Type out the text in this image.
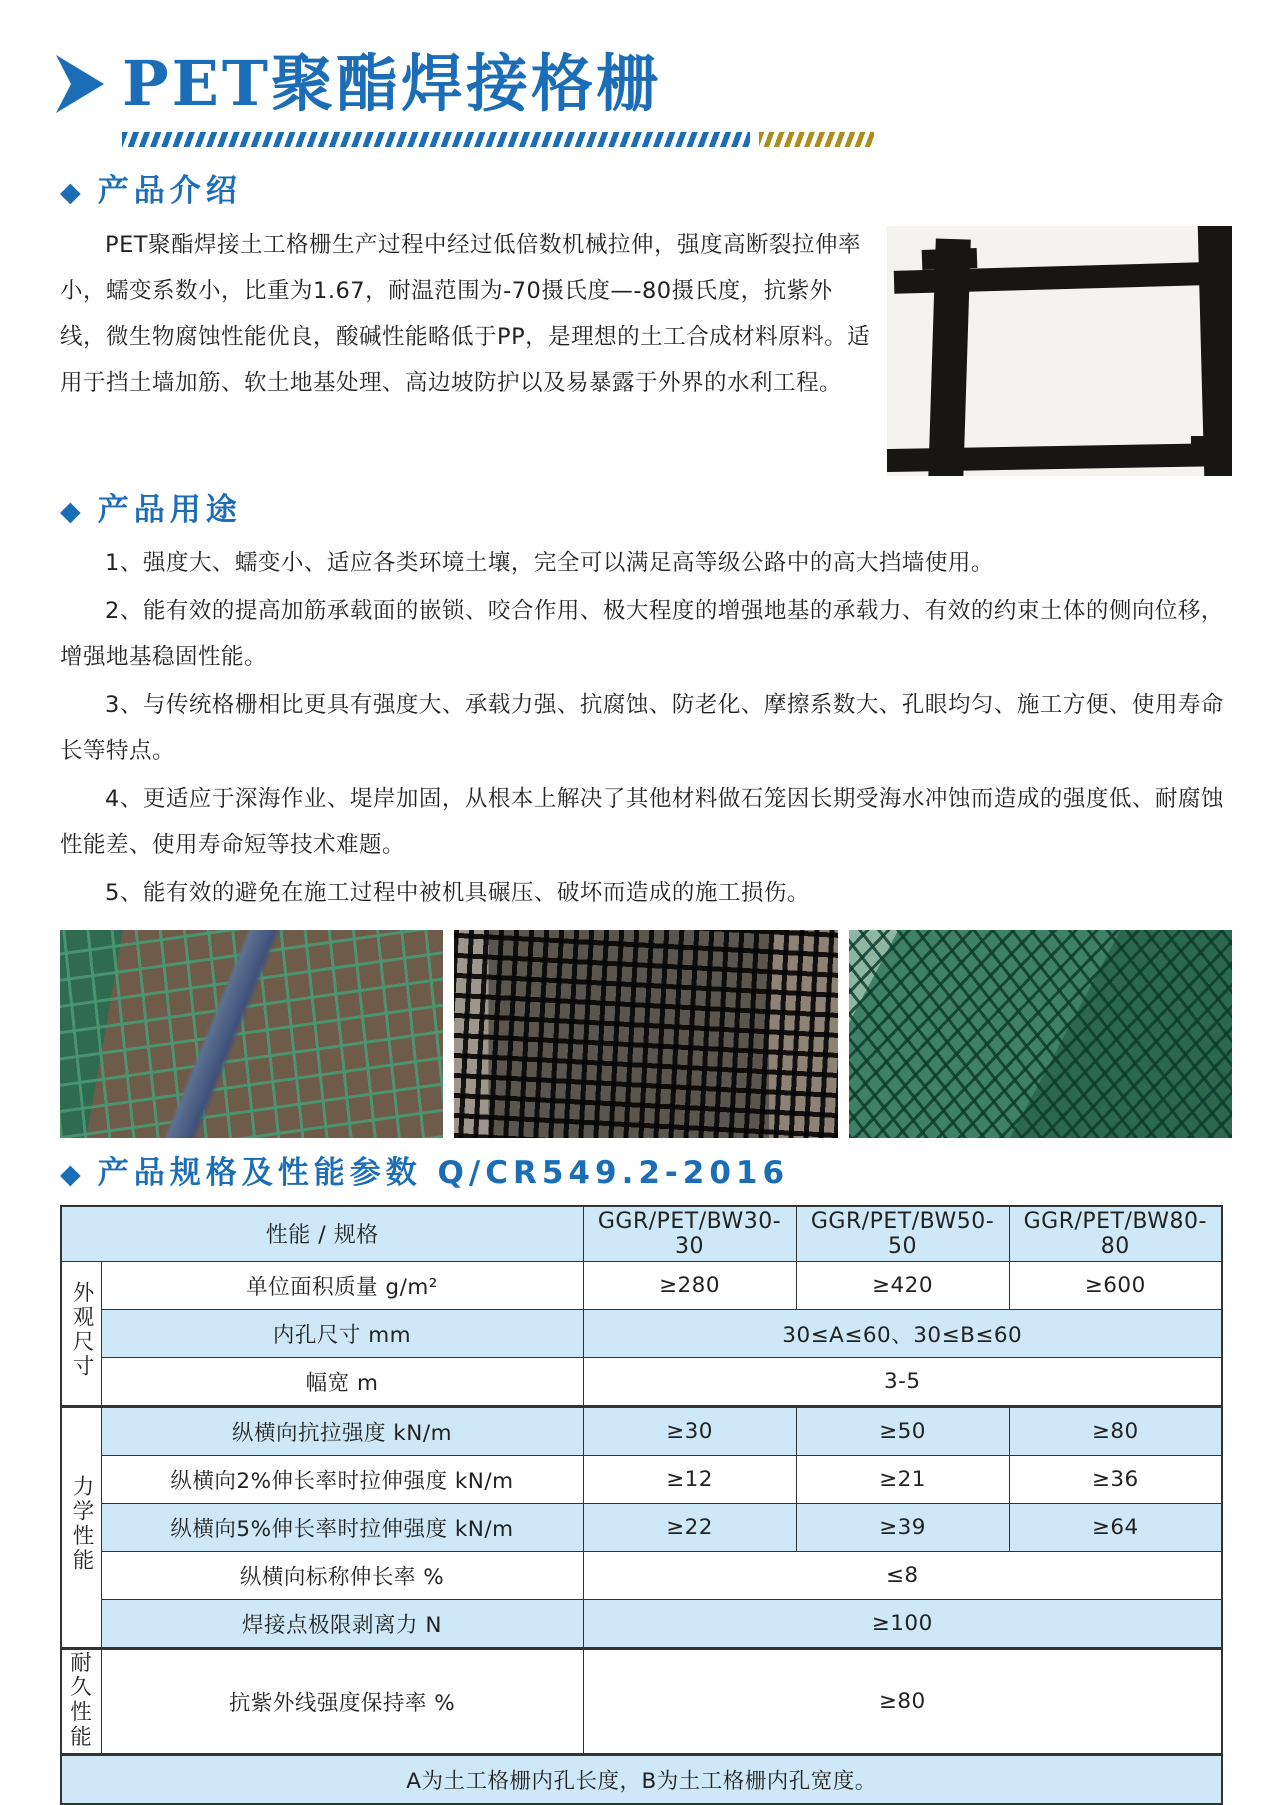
PET聚酯焊接格栅
◆ 产品介绍

PET聚酯焊接土工格栅生产过程中经过低倍数机械拉伸，强度高断裂拉伸率小，蠕变系数小，比重为1.67，耐温范围为-70摄氏度—-80摄氏度，抗紫外线，微生物腐蚀性能优良，酸碱性能略低于PP，是理想的土工合成材料原料。适用于挡土墙加筋、软土地基处理、高边坡防护以及易暴露于外界的水利工程。

◆ 产品用途

1、强度大、蠕变小、适应各类环境土壤，完全可以满足高等级公路中的高大挡墙使用。

2、能有效的提高加筋承载面的嵌锁、咬合作用、极大程度的增强地基的承载力、有效的约束土体的侧向位移，增强地基稳固性能。

3、与传统格栅相比更具有强度大、承载力强、抗腐蚀、防老化、摩擦系数大、孔眼均匀、施工方便、使用寿命长等特点。

4、更适应于深海作业、堤岸加固，从根本上解决了其他材料做石笼因长期受海水冲蚀而造成的强度低、耐腐蚀性能差、使用寿命短等技术难题。

5、能有效的避免在施工过程中被机具碾压、破坏而造成的施工损伤。

◆ 产品规格及性能参数 Q/CR549.2-2016
性能 / 规格		GGR/PET/BW30-30	GGR/PET/BW50-50	GGR/PET/BW80-80
外观尺寸	单位面积质量 g/m²	≥280	≥420	≥600
	内孔尺寸 mm	30≤A≤60、30≤B≤60		
	幅宽 m	3-5		
力学性能	纵横向抗拉强度 kN/m	≥30	≥50	≥80
	纵横向2%伸长率时拉伸强度 kN/m	≥12	≥21	≥36
	纵横向5%伸长率时拉伸强度 kN/m	≥22	≥39	≥64
	纵横向标称伸长率 %	≤8		
	焊接点极限剥离力 N	≥100		
耐久性能	抗紫外线强度保持率 %	≥80		
A为土工格栅内孔长度，B为土工格栅内孔宽度。				
